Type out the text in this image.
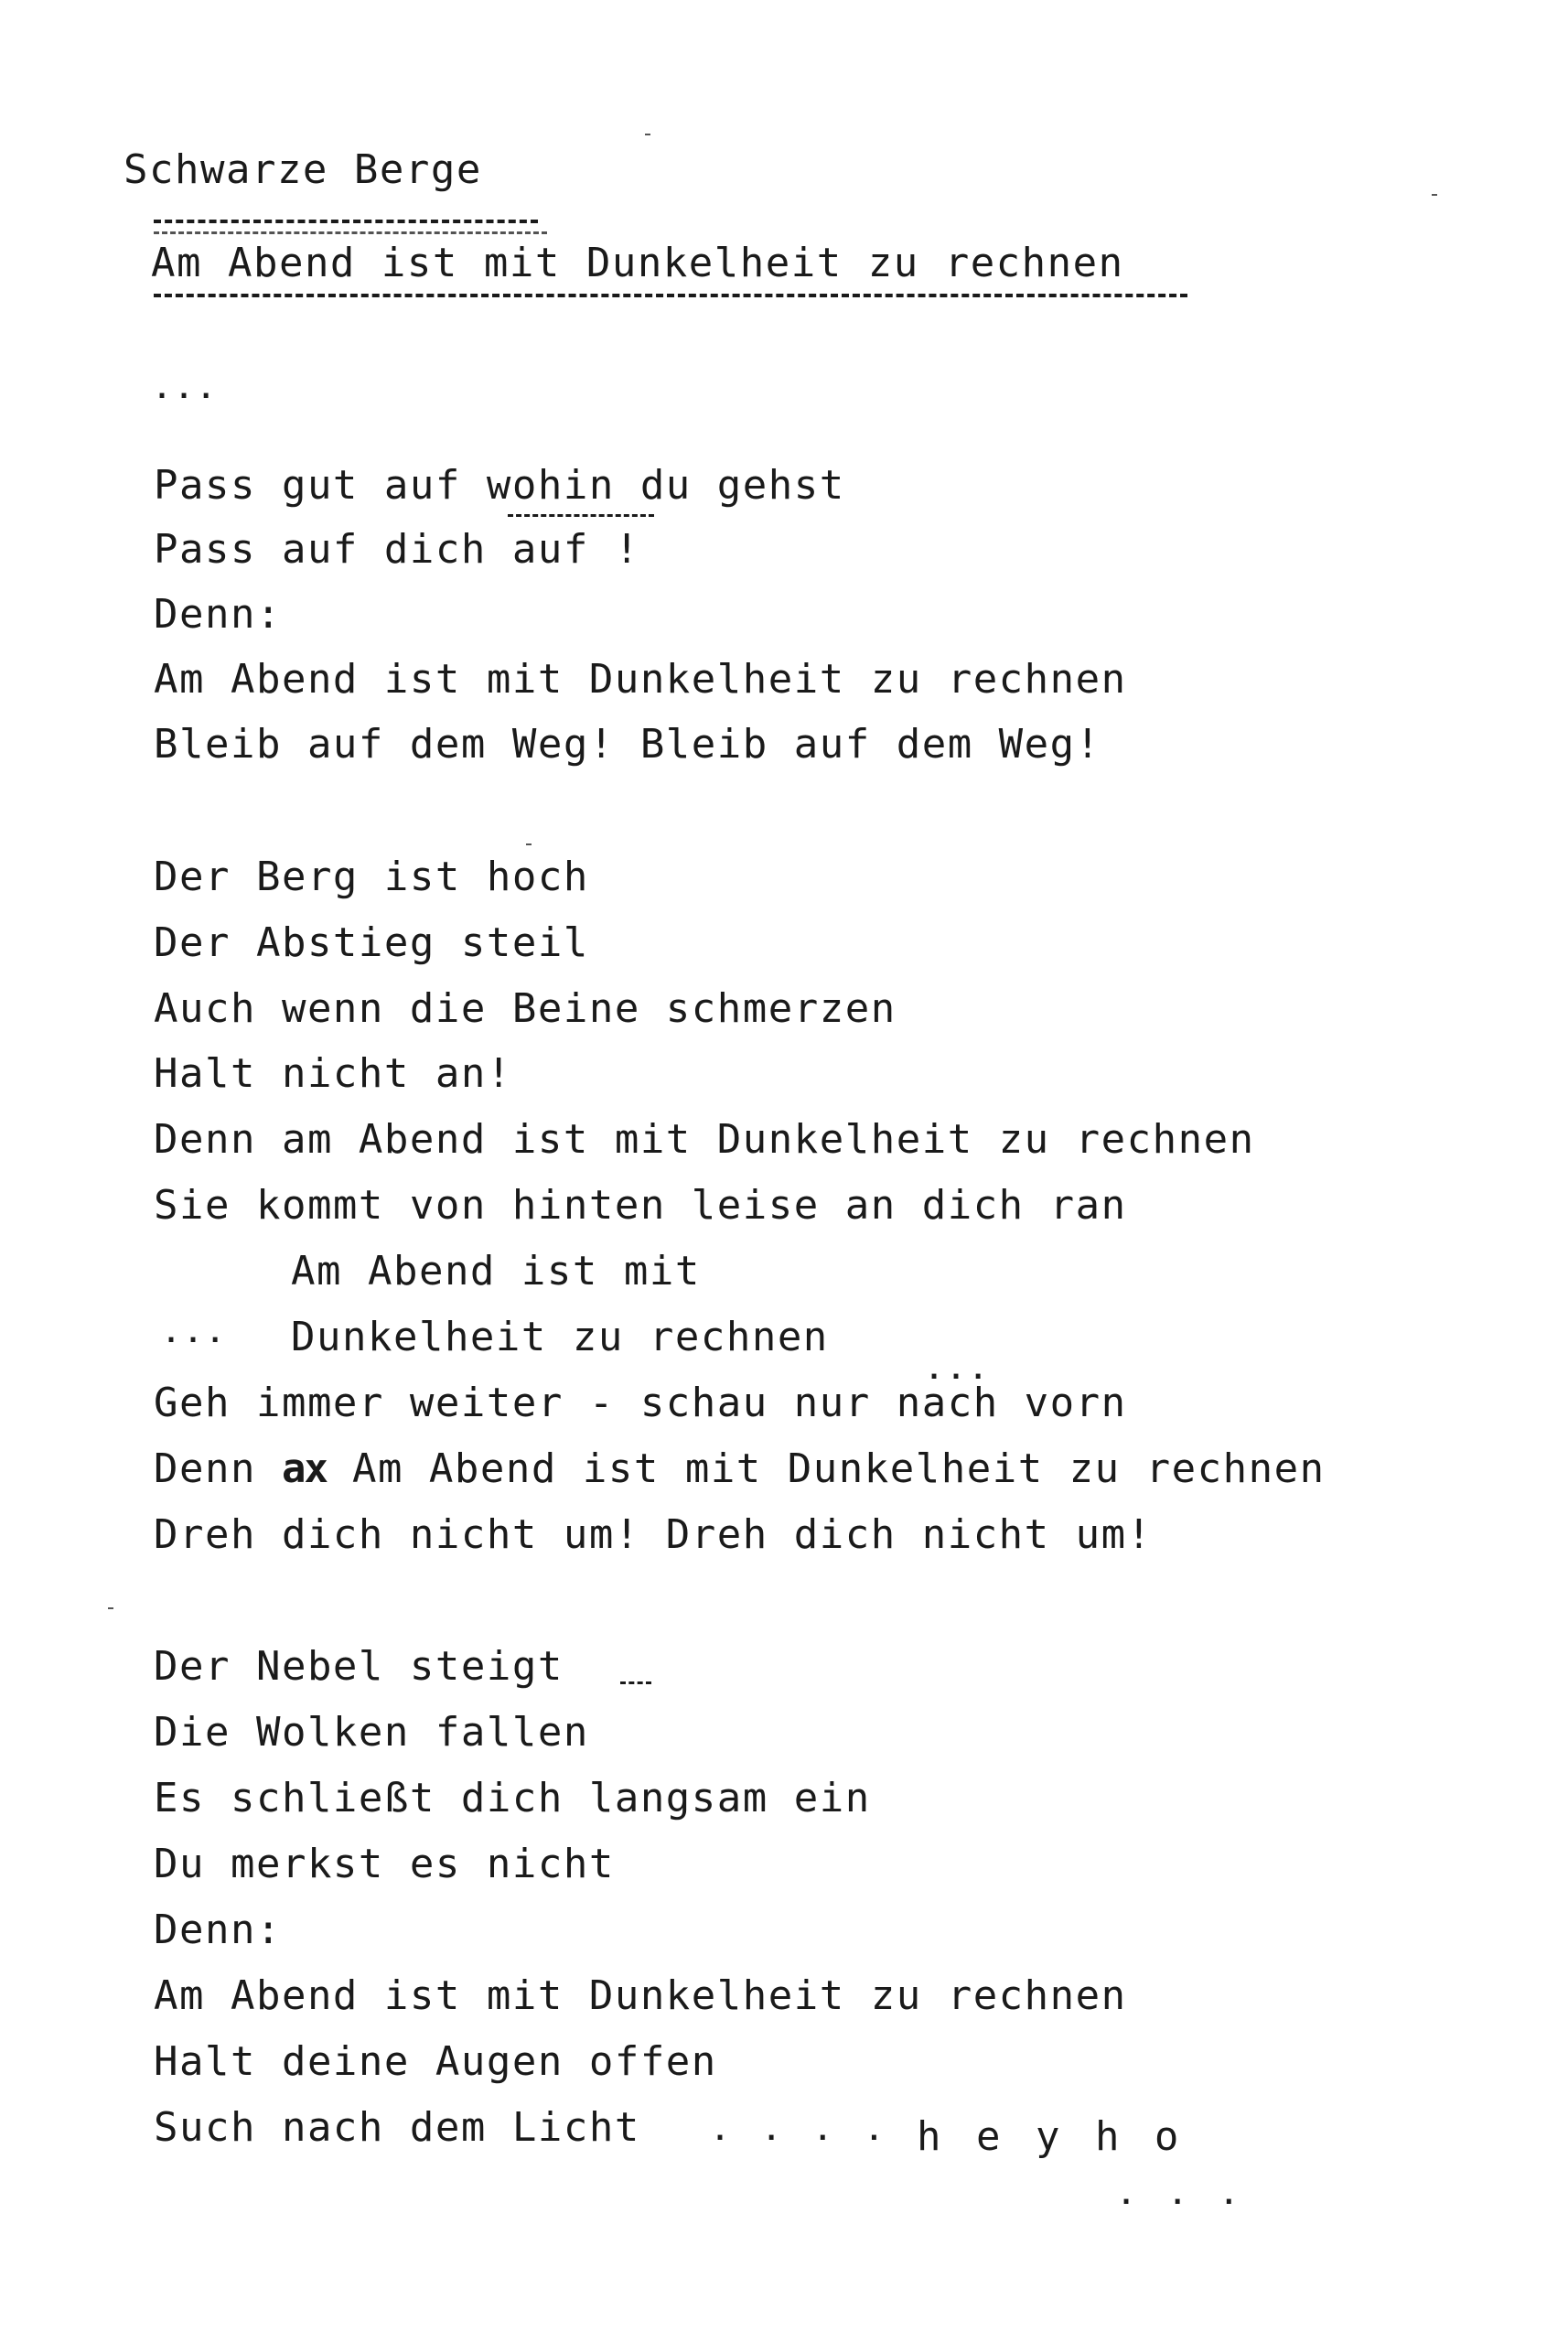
Schwarze Berge
Am Abend ist mit Dunkelheit zu rechnen
...
Pass gut auf wohin du gehst
Pass auf dich auf !
Denn:
Am Abend ist mit Dunkelheit zu rechnen
Bleib auf dem Weg! Bleib auf dem Weg!
Der Berg ist hoch
Der Abstieg steil
Auch wenn die Beine schmerzen
Halt nicht an!
Denn am Abend ist mit Dunkelheit zu rechnen
Sie kommt von hinten leise an dich ran
Am Abend ist mit
... Dunkelheit zu rechnen
...
Geh immer weiter - schau nur nach vorn
Denn ax Am Abend ist mit Dunkelheit zu rechnen
Dreh dich nicht um! Dreh dich nicht um!
Der Nebel steigt
Die Wolken fallen
Es schließt dich langsam ein
Du merkst es nicht
Denn:
Am Abend ist mit Dunkelheit zu rechnen
Halt deine Augen offen
Such nach dem Licht	. . . . h e y h o
. . .
